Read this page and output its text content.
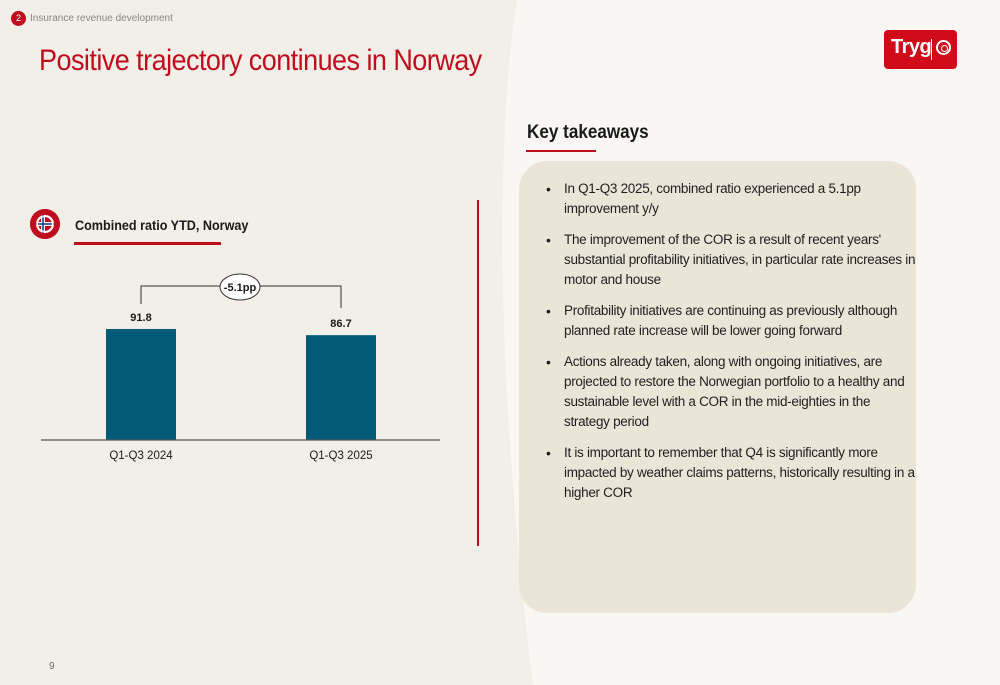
2 Insurance revenue development
Positive trajectory continues in Norway	Tryg
Combined ratio YTD, Norway
91.8
Q1-Q3 2024
86.7
Q1-Q3 2025
-5.1pp
Key takeaways
• In Q1-Q3 2025, combined ratio experienced a 5.1pp improvement y/y
• The improvement of the COR is a result of recent years' substantial profitability initiatives, in particular rate increases in motor and house
• Profitability initiatives are continuing as previously although planned rate increase will be lower going forward
• Actions already taken, along with ongoing initiatives, are projected to restore the Norwegian portfolio to a healthy and sustainable level with a COR in the mid-eighties in the strategy period
• It is important to remember that Q4 is significantly more impacted by weather claims patterns, historically resulting in a higher COR
9
